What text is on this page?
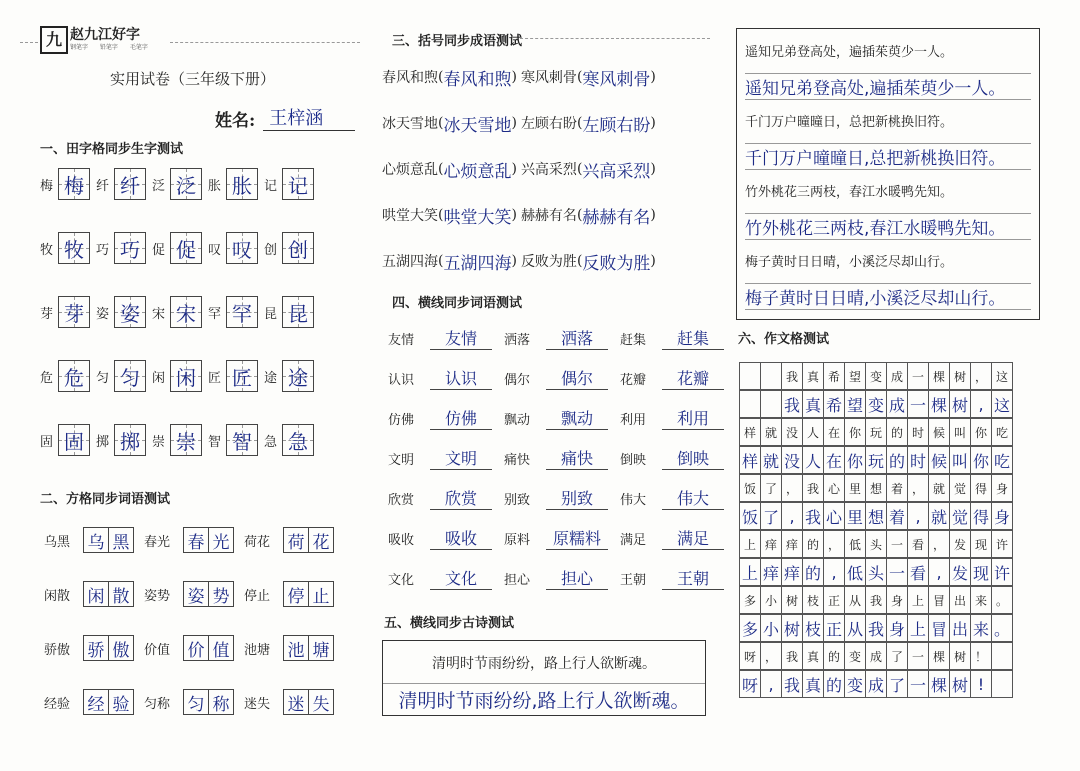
九 赵九江好字
钢笔字 铅笔字 毛笔字
实用试卷（三年级下册）
姓名: 王梓涵
一、田字格同步生字测试
梅 梅 纤 纤 泛 泛 胀 胀 记 记
牧 牧 巧 巧 促 促 叹 叹 创 创
芽 芽 姿 姿 宋 宋 罕 罕 昆 昆
危 危 匀 匀 闲 闲 匠 匠 途 途
固 固 掷 掷 崇 崇 智 智 急 急
二、方格同步词语测试
乌黑	乌 黑	春光	春 光	荷花	荷 花
闲散	闲 散	姿势	姿 势	停止	停 止
骄傲	骄 傲	价值	价 值	池塘	池 塘
经验	经 验	匀称	匀 称	迷失	迷 失
三、括号同步成语测试
春风和煦 ( 春风和煦 ) 寒风刺骨 ( 寒风刺骨 )
冰天雪地 ( 冰天雪地 ) 左顾右盼 ( 左顾右盼 )
心烦意乱 ( 心烦意乱 ) 兴高采烈 ( 兴高采烈 )
哄堂大笑 ( 哄堂大笑 ) 赫赫有名 ( 赫赫有名 )
五湖四海 ( 五湖四海 ) 反败为胜 ( 反败为胜 )
四、横线同步词语测试
友情	友情	洒落	洒落	赶集	赶集
认识	认识	偶尔	偶尔	花瓣	花瓣
仿佛	仿佛	飘动	飘动	利用	利用
文明	文明	痛快	痛快	倒映	倒映
欣赏	欣赏	别致	别致	伟大	伟大
吸收	吸收	原料	原糯料	满足	满足
文化	文化	担心	担心	王朝	王朝
五、横线同步古诗测试
清明时节雨纷纷，路上行人欲断魂。
清明时节雨纷纷,路上行人欲断魂。
遥知兄弟登高处，遍插茱萸少一人。
遥知兄弟登高处,遍插茱萸少一人。
千门万户曈曈日，总把新桃换旧符。
千门万户曈曈日,总把新桃换旧符。
竹外桃花三两枝，春江水暖鸭先知。
竹外桃花三两枝,春江水暖鸭先知。
梅子黄时日日晴，小溪泛尽却山行。
梅子黄时日日晴,小溪泛尽却山行。
六、作文格测试
我 真 希 望 变 成 一 棵 树 ， 这
我 真 希 望 变 成 一 棵 树 , 这
样 就 没 人 在 你 玩 的 时 候 叫 你 吃
样 就 没 人 在 你 玩 的 时 候 叫 你 吃
饭 了 ， 我 心 里 想 着 ， 就 觉 得 身
饭 了 , 我 心 里 想 着 , 就 觉 得 身
上 痒 痒 的 ， 低 头 一 看 ， 发 现 许
上 痒 痒 的 , 低 头 一 看 , 发 现 许
多 小 树 枝 正 从 我 身 上 冒 出 来 。
多 小 树 枝 正 从 我 身 上 冒 出 来 。
呀 ， 我 真 的 变 成 了 一 棵 树 ！
呀 , 我 真 的 变 成 了 一 棵 树 !
